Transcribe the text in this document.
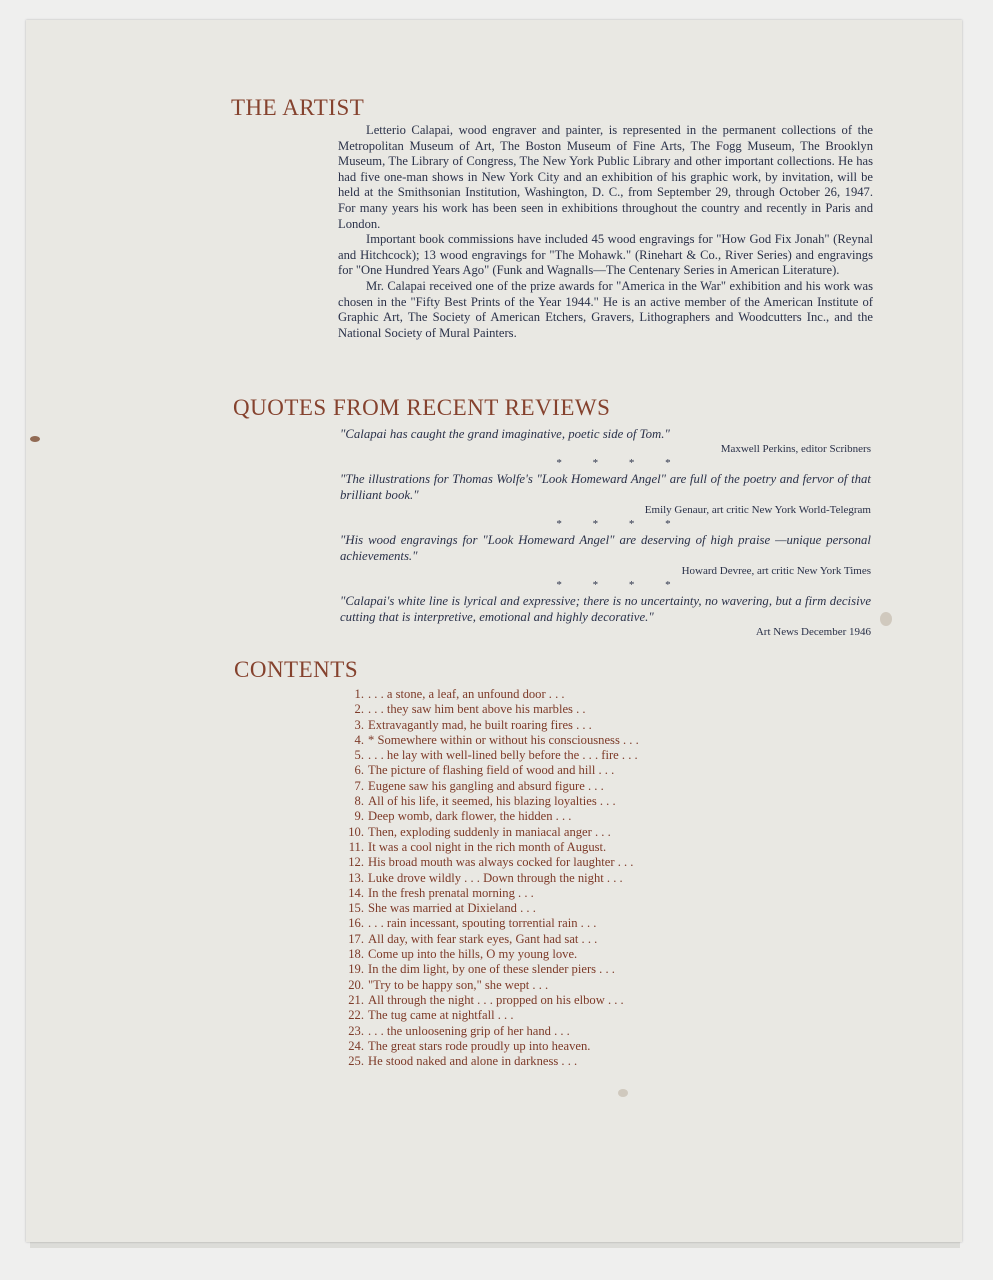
THE ARTIST

Letterio Calapai, wood engraver and painter, is represented in the permanent collections of the Metropolitan Museum of Art, The Boston Museum of Fine Arts, The Fogg Museum, The Brooklyn Museum, The Library of Congress, The New York Public Library and other important collections. He has had five one-man shows in New York City and an exhibition of his graphic work, by invitation, will be held at the Smithsonian Institution, Washington, D. C., from September 29, through October 26, 1947. For many years his work has been seen in exhibitions throughout the country and recently in Paris and London.

Important book commissions have included 45 wood engravings for "How God Fix Jonah" (Reynal and Hitchcock); 13 wood engravings for "The Mohawk." (Rinehart & Co., River Series) and engravings for "One Hundred Years Ago" (Funk and Wagnalls—The Centenary Series in American Literature).

Mr. Calapai received one of the prize awards for "America in the War" exhibition and his work was chosen in the "Fifty Best Prints of the Year 1944." He is an active member of the American Institute of Graphic Art, The Society of American Etchers, Gravers, Lithographers and Woodcutters Inc., and the National Society of Mural Painters.

QUOTES FROM RECENT REVIEWS

"Calapai has caught the grand imaginative, poetic side of Tom."

Maxwell Perkins, editor Scribners

* * * *

"The illustrations for Thomas Wolfe's "Look Homeward Angel" are full of the poetry and fervor of that brilliant book."

Emily Genaur, art critic New York World-Telegram

* * * *

"His wood engravings for "Look Homeward Angel" are deserving of high praise —unique personal achievements."

Howard Devree, art critic New York Times

* * * *

"Calapai's white line is lyrical and expressive; there is no uncertainty, no wavering, but a firm decisive cutting that is interpretive, emotional and highly decorative."

Art News December 1946

CONTENTS
1. . . . a stone, a leaf, an unfound door . . .
2. . . . they saw him bent above his marbles . .
3. Extravagantly mad, he built roaring fires . . .
4. * Somewhere within or without his consciousness . . .
5. . . . he lay with well-lined belly before the . . . fire . . .
6. The picture of flashing field of wood and hill . . .
7. Eugene saw his gangling and absurd figure . . .
8. All of his life, it seemed, his blazing loyalties . . .
9. Deep womb, dark flower, the hidden . . .
10. Then, exploding suddenly in maniacal anger . . .
11. It was a cool night in the rich month of August.
12. His broad mouth was always cocked for laughter . . .
13. Luke drove wildly . . . Down through the night . . .
14. In the fresh prenatal morning . . .
15. She was married at Dixieland . . .
16. . . . rain incessant, spouting torrential rain . . .
17. All day, with fear stark eyes, Gant had sat . . .
18. Come up into the hills, O my young love.
19. In the dim light, by one of these slender piers . . .
20. "Try to be happy son," she wept . . .
21. All through the night . . . propped on his elbow . . .
22. The tug came at nightfall . . .
23. . . . the unloosening grip of her hand . . .
24. The great stars rode proudly up into heaven.
25. He stood naked and alone in darkness . . .
